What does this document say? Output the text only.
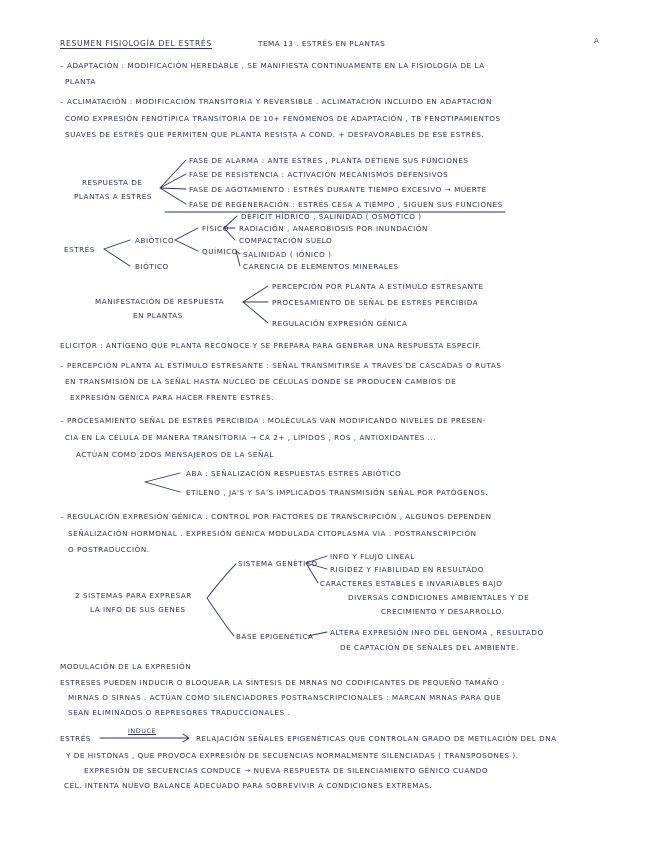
RESUMEN FISIOLOGÍA DEL ESTRÉS	TEMA 13 . ESTRÉS EN PLANTAS	A
– ADAPTACIÓN : MODIFICACIÓN HEREDABLE , SE MANIFIESTA CONTINUAMENTE EN LA FISIOLOGÍA DE LA
PLANTA
– ACLIMATACIÓN : MODIFICACIÓN TRANSITORIA Y REVERSIBLE . ACLIMATACIÓN INCLUIDO EN ADAPTACIÓN
COMO EXPRESIÓN FENOTÍPICA TRANSITORIA DE 10+ FENÓMENOS DE ADAPTACIÓN , TB FENOTIPAMIENTOS
SUAVES DE ESTRÉS QUE PERMITEN QUE PLANTA RESISTA A COND. + DESFAVORABLES DE ESE ESTRÉS.
RESPUESTA DE
PLANTAS A ESTRÉS
FASE DE ALARMA : ANTE ESTRÉS , PLANTA DETIENE SUS FUNCIONES
FASE DE RESISTENCIA : ACTIVACIÓN MECANISMOS DEFENSIVOS
FASE DE AGOTAMIENTO : ESTRÉS DURANTE TIEMPO EXCESIVO → MUERTE
FASE DE REGENERACIÓN : ESTRÉS CESA A TIEMPO , SIGUEN SUS FUNCIONES
ESTRÉS
ABIÓTICO
BIÓTICO
FÍSICO
QUÍMICO
DÉFICIT HÍDRICO , SALINIDAD ( OSMÓTICO )
RADIACIÓN , ANAEROBIOSIS POR INUNDACIÓN
COMPACTACIÓN SUELO
SALINIDAD ( IÓNICO )
CARENCIA DE ELEMENTOS MINERALES
MANIFESTACIÓN DE RESPUESTA
EN PLANTAS
PERCEPCIÓN POR PLANTA A ESTÍMULO ESTRESANTE
PROCESAMIENTO DE SEÑAL DE ESTRÉS PERCIBIDA
REGULACIÓN EXPRESIÓN GÉNICA
ELICITOR : ANTÍGENO QUE PLANTA RECONOCE Y SE PREPARA PARA GENERAR UNA RESPUESTA ESPECÍF.
– PERCEPCIÓN PLANTA AL ESTÍMULO ESTRESANTE : SEÑAL TRANSMITIRSE A TRAVÉS DE CASCADAS O RUTAS
EN TRANSMISIÓN DE LA SEÑAL HASTA NÚCLEO DE CÉLULAS DONDE SE PRODUCEN CAMBIOS DE
EXPRESIÓN GÉNICA PARA HACER FRENTE ESTRÉS.
– PROCESAMIENTO SEÑAL DE ESTRÉS PERCIBIDA : MOLÉCULAS VAN MODIFICANDO NIVELES DE PRESEN-
CIA EN LA CÉLULA DE MANERA TRANSITORIA → CA 2+ , LÍPIDOS , ROS , ANTIOXIDANTES ...
ACTÚAN COMO 2DOS MENSAJEROS DE LA SEÑAL
ABA : SEÑALIZACIÓN RESPUESTAS ESTRÉS ABIÓTICO
ETILENO , JA'S Y SA'S IMPLICADOS TRANSMISIÓN SEÑAL POR PATÓGENOS.
– REGULACIÓN EXPRESIÓN GÉNICA : CONTROL POR FACTORES DE TRANSCRIPCIÓN , ALGUNOS DEPENDEN
SEÑALIZACIÓN HORMONAL . EXPRESIÓN GÉNICA MODULADA CITOPLASMA VÍA : POSTRANSCRIPCIÓN
O POSTRADUCCIÓN.
2 SISTEMAS PARA EXPRESAR
LA INFO DE SUS GENES
SISTEMA GENÉTICO
INFO Y FLUJO LINEAL
RIGIDEZ Y FIABILIDAD EN RESULTADO
CARACTERES ESTABLES E INVARIABLES BAJO
DIVERSAS CONDICIONES AMBIENTALES Y DE
CRECIMIENTO Y DESARROLLO.
BASE EPIGENÉTICA ALTERA EXPRESIÓN INFO DEL GENOMA , RESULTADO
DE CAPTACIÓN DE SEÑALES DEL AMBIENTE.
MODULACIÓN DE LA EXPRESIÓN
ESTRESES PUEDEN INDUCIR O BLOQUEAR LA SÍNTESIS DE MRNAS NO CODIFICANTES DE PEQUEÑO TAMAÑO :
MIRNAS O SIRNAS . ACTÚAN COMO SILENCIADORES POSTRANSCRIPCIONALES : MARCAN MRNAS PARA QUE
SEAN ELIMINADOS O REPRESORES TRADUCCIONALES .
ESTRÉS
INDUCE
RELAJACIÓN SEÑALES EPIGENÉTICAS QUE CONTROLAN GRADO DE METILACIÓN DEL DNA
Y DE HISTONAS , QUE PROVOCA EXPRESIÓN DE SECUENCIAS NORMALMENTE SILENCIADAS ( TRANSPOSONES ).
EXPRESIÓN DE SECUENCIAS CONDUCE → NUEVA RESPUESTA DE SILENCIAMIENTO GÉNICO CUANDO
CÉL. INTENTA NUEVO BALANCE ADECUADO PARA SOBREVIVIR A CONDICIONES EXTREMAS.
